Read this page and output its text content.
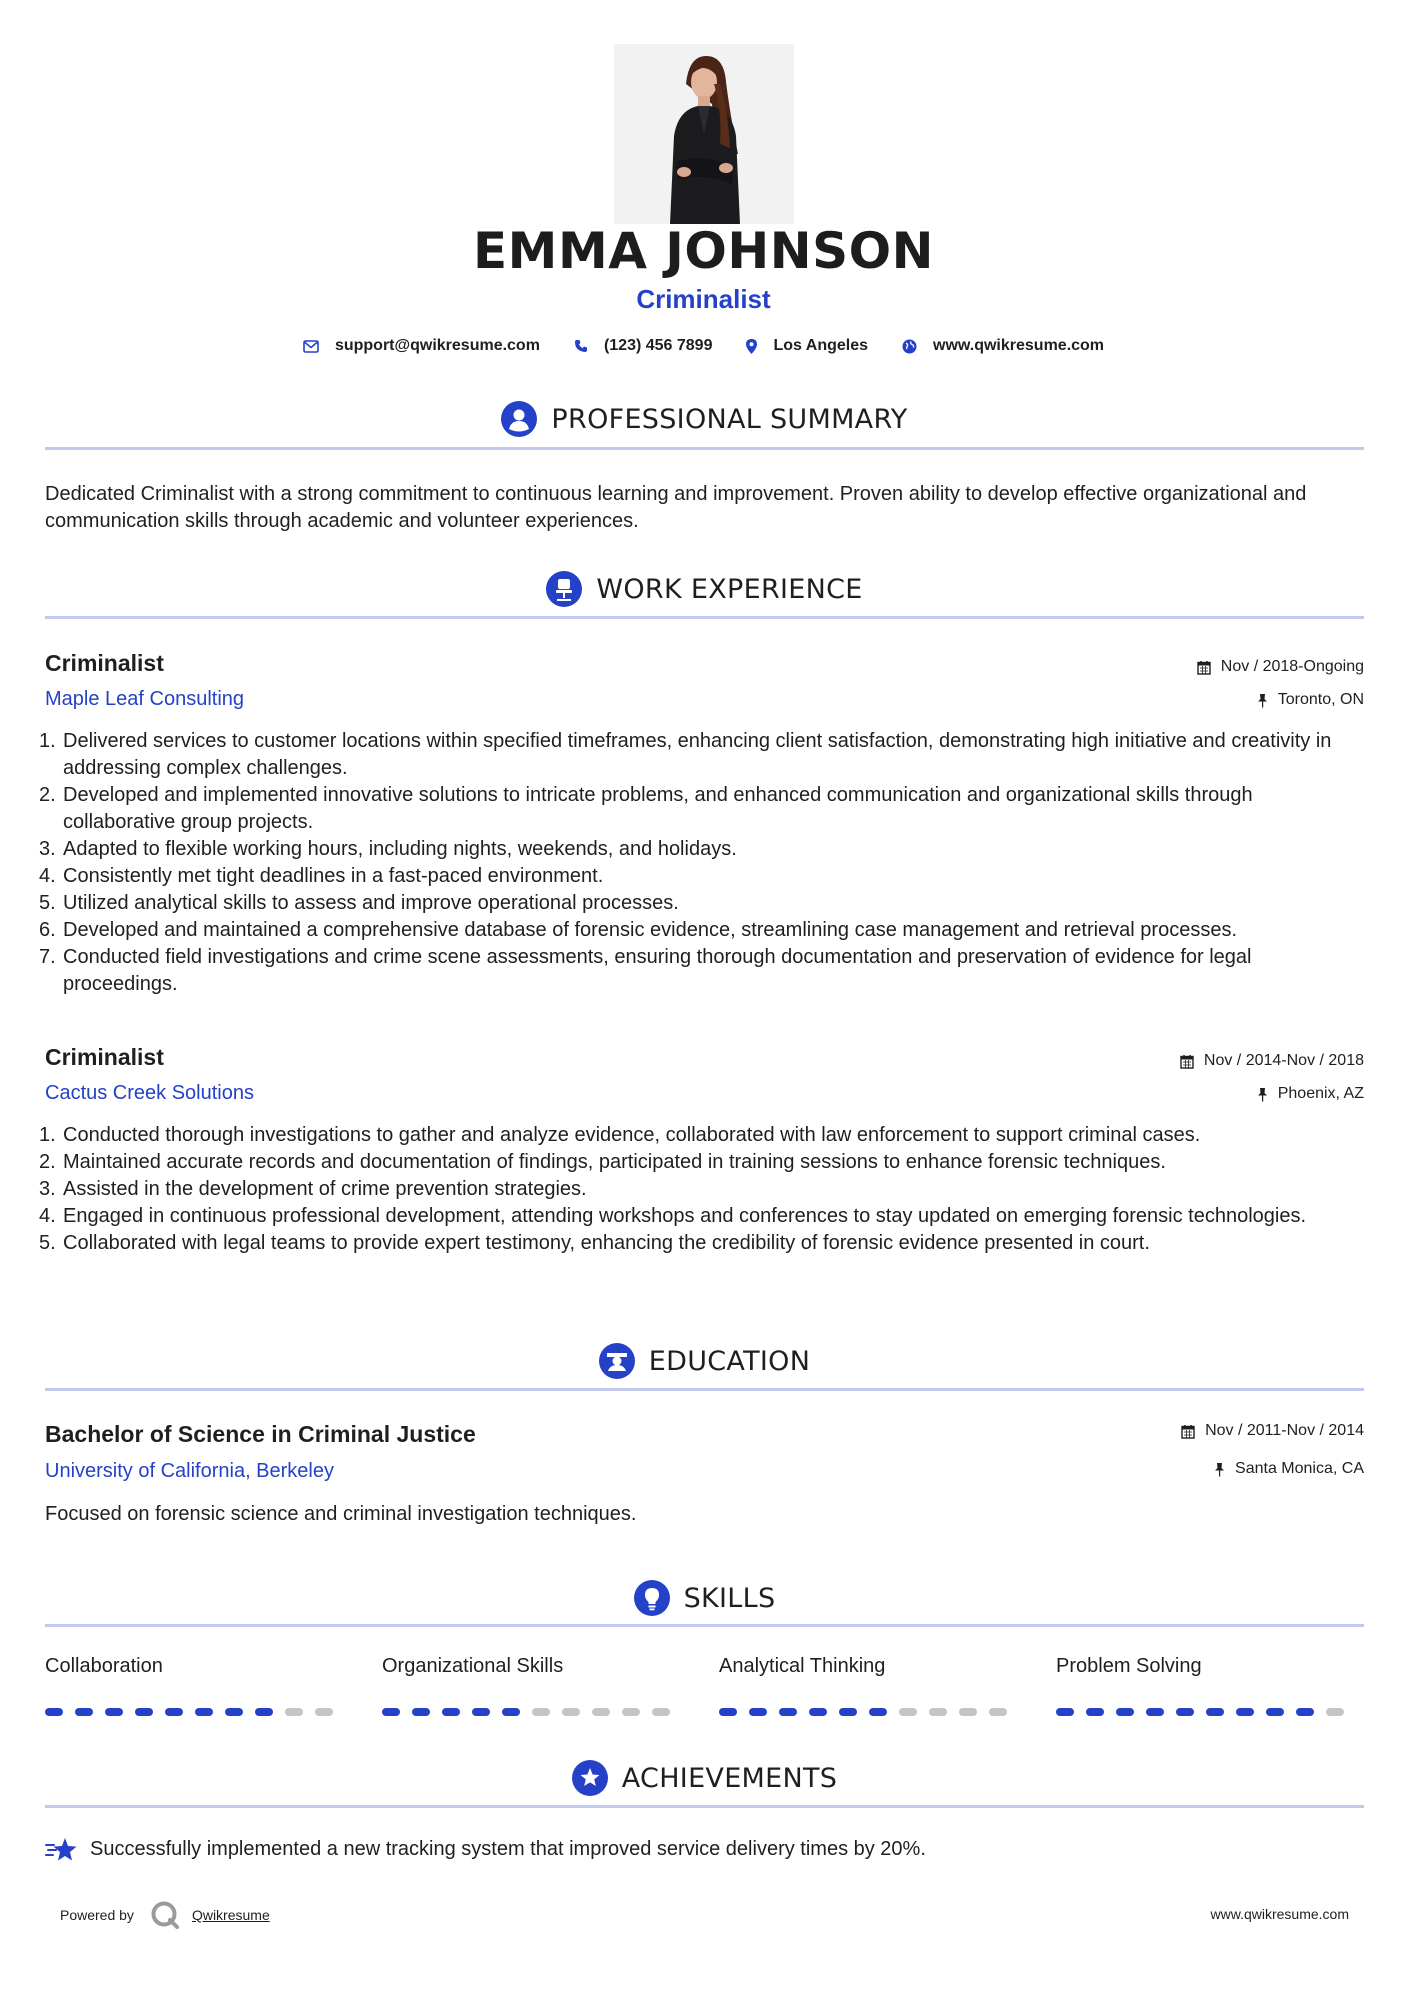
EMMA JOHNSON
Criminalist
support@qwikresume.com	(123) 456 7899	Los Angeles	www.qwikresume.com
PROFESSIONAL SUMMARY
Dedicated Criminalist with a strong commitment to continuous learning and improvement. Proven ability to develop effective organizational and communication skills through academic and volunteer experiences.
WORK EXPERIENCE
Criminalist	Nov / 2018-Ongoing
Maple Leaf Consulting	Toronto, ON
1. Delivered services to customer locations within specified timeframes, enhancing client satisfaction, demonstrating high initiative and creativity in addressing complex challenges.
2. Developed and implemented innovative solutions to intricate problems, and enhanced communication and organizational skills through collaborative group projects.
3. Adapted to flexible working hours, including nights, weekends, and holidays.
4. Consistently met tight deadlines in a fast-paced environment.
5. Utilized analytical skills to assess and improve operational processes.
6. Developed and maintained a comprehensive database of forensic evidence, streamlining case management and retrieval processes.
7. Conducted field investigations and crime scene assessments, ensuring thorough documentation and preservation of evidence for legal proceedings.
Criminalist	Nov / 2014-Nov / 2018
Cactus Creek Solutions	Phoenix, AZ
1. Conducted thorough investigations to gather and analyze evidence, collaborated with law enforcement to support criminal cases.
2. Maintained accurate records and documentation of findings, participated in training sessions to enhance forensic techniques.
3. Assisted in the development of crime prevention strategies.
4. Engaged in continuous professional development, attending workshops and conferences to stay updated on emerging forensic technologies.
5. Collaborated with legal teams to provide expert testimony, enhancing the credibility of forensic evidence presented in court.
EDUCATION
Bachelor of Science in Criminal Justice	Nov / 2011-Nov / 2014
University of California, Berkeley	Santa Monica, CA
Focused on forensic science and criminal investigation techniques.
SKILLS
Collaboration	Organizational Skills	Analytical Thinking	Problem Solving
ACHIEVEMENTS
Successfully implemented a new tracking system that improved service delivery times by 20%.
Powered by	Qwikresume	www.qwikresume.com
